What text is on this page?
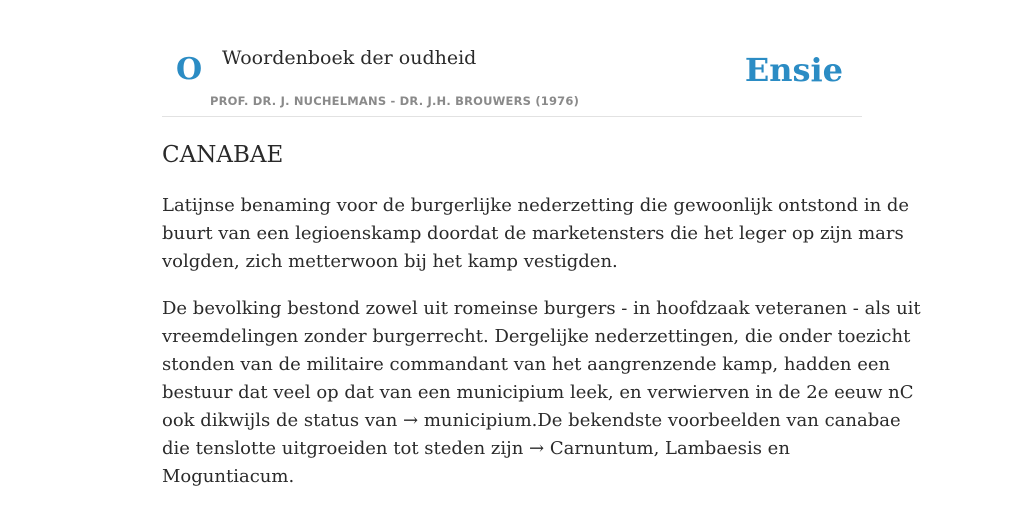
O Woordenboek der oudheid
PROF. DR. J. NUCHELMANS - DR. J.H. BROUWERS (1976)
Ensie
CANABAE

Latijnse benaming voor de burgerlijke nederzetting die gewoonlijk ontstond in de
buurt van een legioenskamp doordat de marketensters die het leger op zijn mars
volgden, zich metterwoon bij het kamp vestigden.

De bevolking bestond zowel uit romeinse burgers - in hoofdzaak veteranen - als uit
vreemdelingen zonder burgerrecht. Dergelijke nederzettingen, die onder toezicht
stonden van de militaire commandant van het aangrenzende kamp, hadden een
bestuur dat veel op dat van een municipium leek, en verwierven in de 2e eeuw nC
ook dikwijls de status van → municipium.De bekendste voorbeelden van canabae
die tenslotte uitgroeiden tot steden zijn → Carnuntum, Lambaesis en
Moguntiacum.
